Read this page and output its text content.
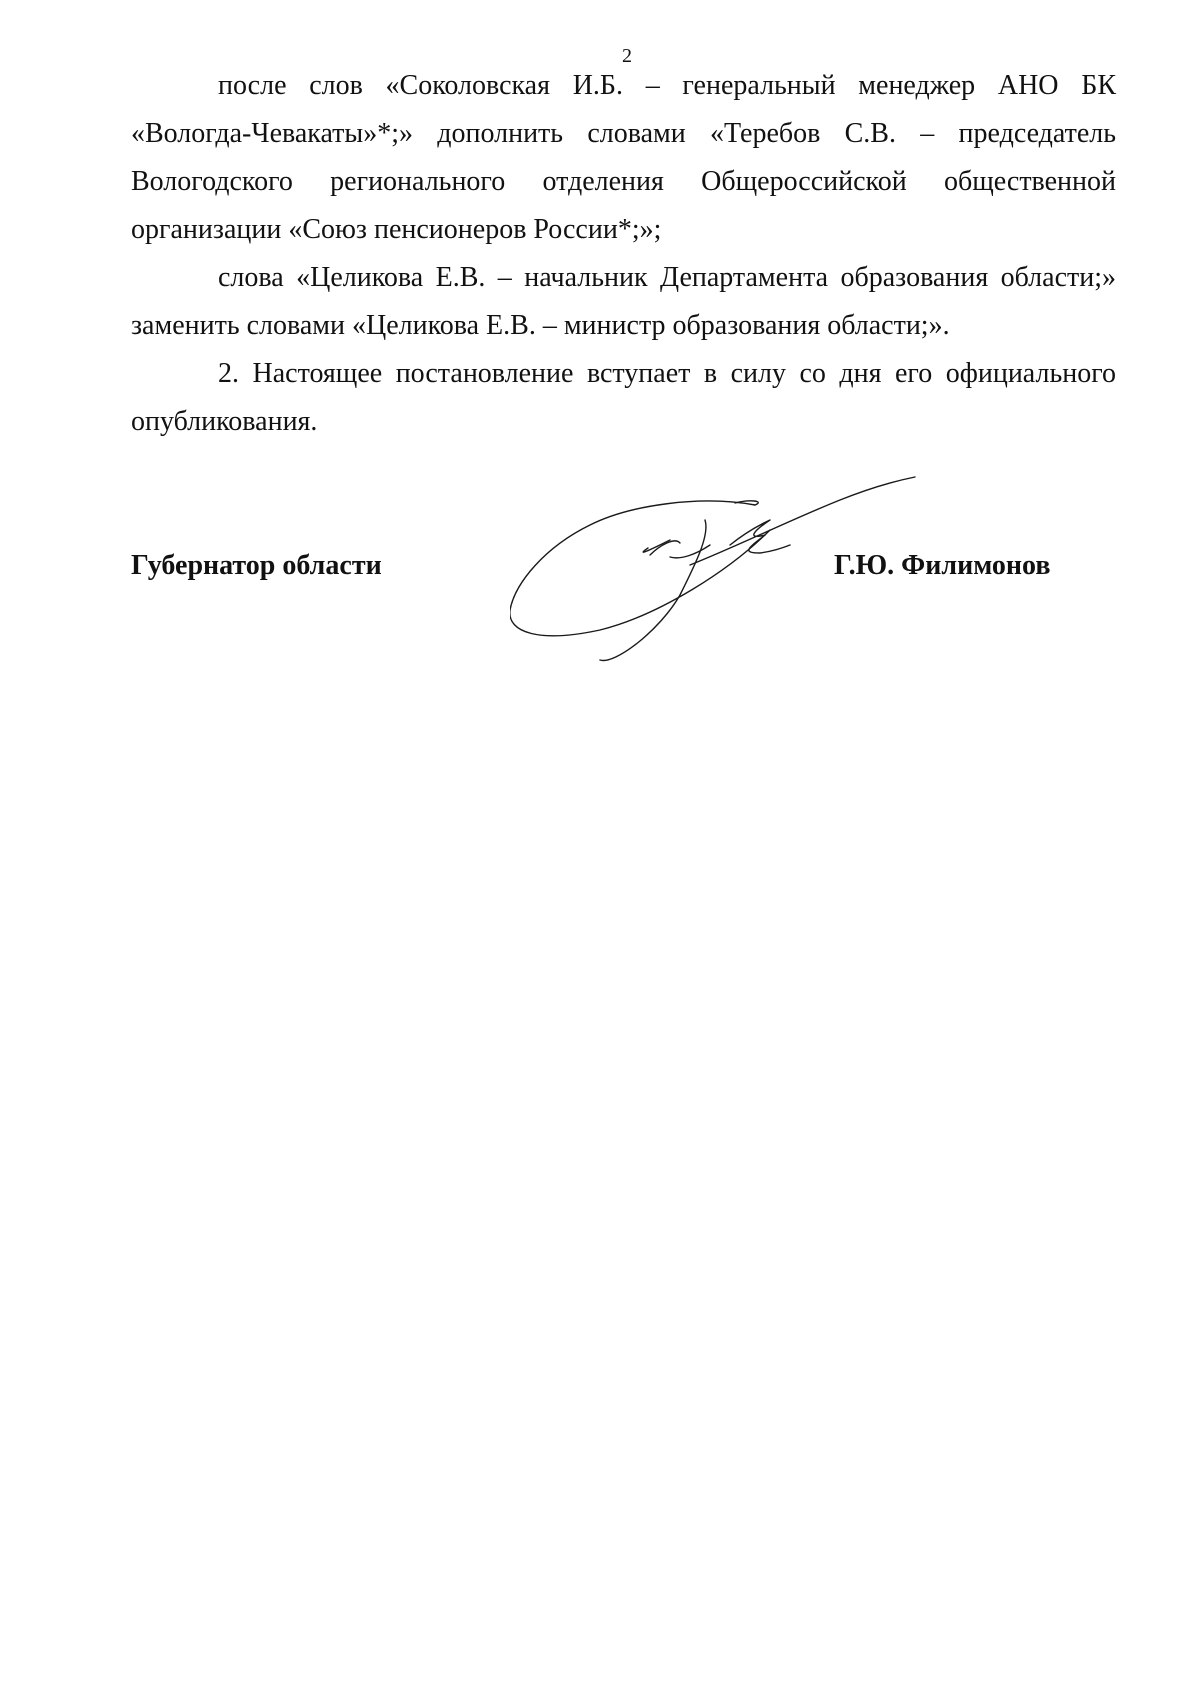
2

после слов «Соколовская И.Б. – генеральный менеджер АНО БК «Вологда-Чевакаты»*;» дополнить словами «Теребов С.В. – председатель Вологодского регионального отделения Общероссийской общественной организации «Союз пенсионеров России*;»;

слова «Целикова Е.В. – начальник Департамента образования области;» заменить словами «Целикова Е.В. – министр образования области;».

2. Настоящее постановление вступает в силу со дня его официального опубликования.

Губернатор области	Г.Ю. Филимонов
